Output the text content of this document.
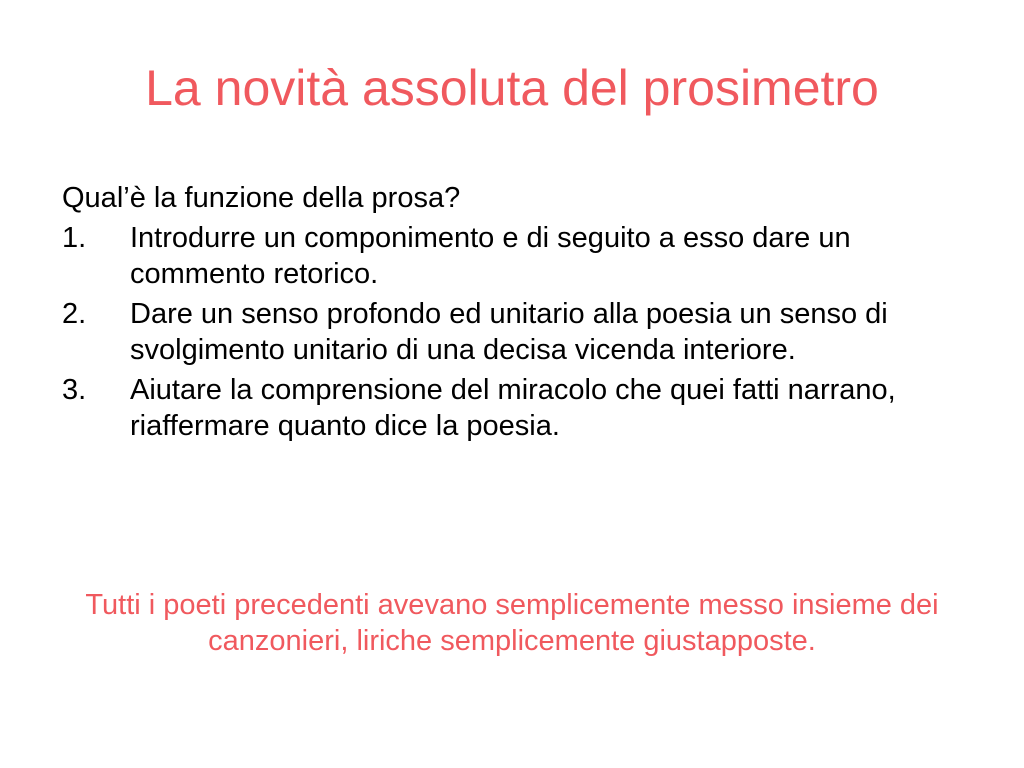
La novità assoluta del prosimetro

Qual’è la funzione della prosa?

1.	Introdurre un componimento e di seguito a esso dare un commento retorico.
2.	Dare un senso profondo ed unitario alla poesia un senso di svolgimento unitario di una decisa vicenda interiore.
3.	Aiutare la comprensione del miracolo che quei fatti narrano, riaffermare quanto dice la poesia.

Tutti i poeti precedenti avevano semplicemente messo insieme dei canzonieri, liriche semplicemente giustapposte.
